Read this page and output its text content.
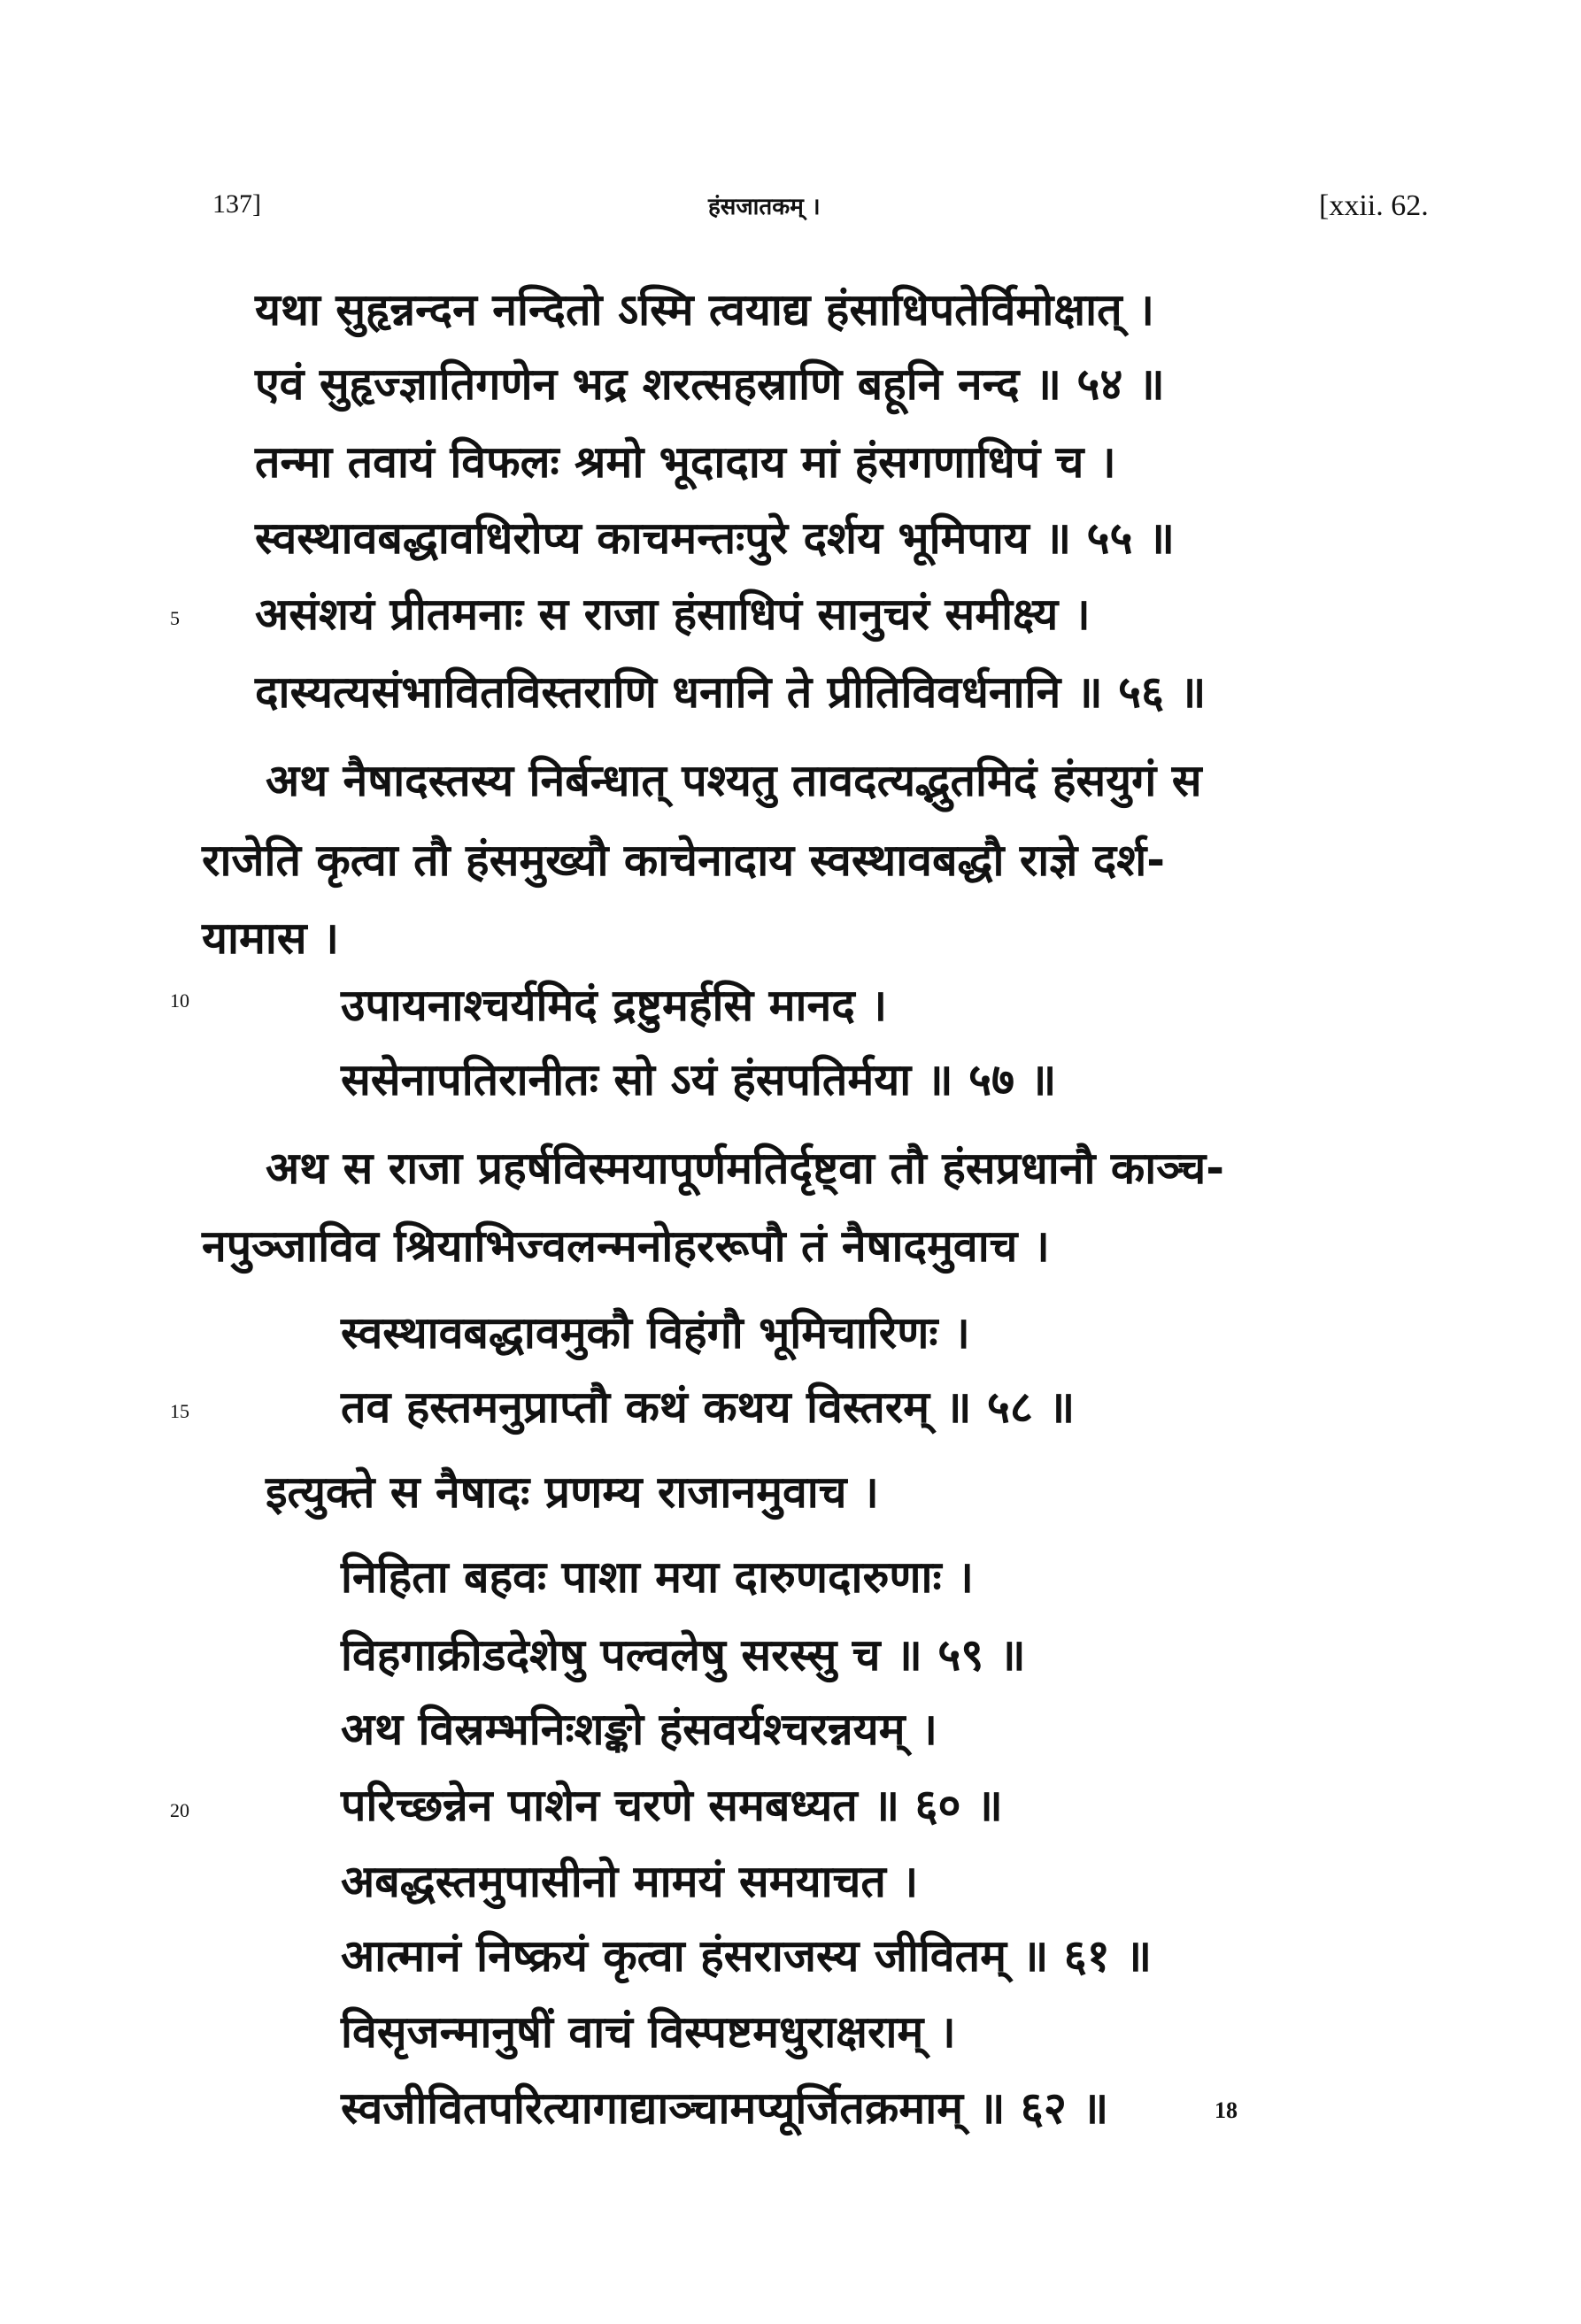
137]	हंसजातकम् ।	[xxii. 62.
5
10
15
20
यथा सुहृन्नन्दन नन्दितो ऽस्मि त्वयाद्य हंसाधिपतेर्विमोक्षात् ।
एवं सुहृज्ज्ञातिगणेन भद्र शरत्सहस्राणि बहूनि नन्द ॥ ५४ ॥
तन्मा तवायं विफलः श्रमो भूदादाय मां हंसगणाधिपं च ।
स्वस्थावबद्धावधिरोप्य काचमन्तःपुरे दर्शय भूमिपाय ॥ ५५ ॥
असंशयं प्रीतमनाः स राजा हंसाधिपं सानुचरं समीक्ष्य ।
दास्यत्यसंभावितविस्तराणि धनानि ते प्रीतिविवर्धनानि ॥ ५६ ॥
अथ नैषादस्तस्य निर्बन्धात् पश्यतु तावदत्यद्भुतमिदं हंसयुगं स
राजेति कृत्वा तौ हंसमुख्यौ काचेनादाय स्वस्थावबद्धौ राज्ञे दर्श-
यामास ।
उपायनाश्चर्यमिदं द्रष्टुमर्हसि मानद ।
ससेनापतिरानीतः सो ऽयं हंसपतिर्मया ॥ ५७ ॥
अथ स राजा प्रहर्षविस्मयापूर्णमतिर्दृष्ट्वा तौ हंसप्रधानौ काञ्च-
नपुञ्जाविव श्रियाभिज्वलन्मनोहररूपौ तं नैषादमुवाच ।
स्वस्थावबद्धावमुकौ विहंगौ भूमिचारिणः ।
तव हस्तमनुप्राप्तौ कथं कथय विस्तरम् ॥ ५८ ॥
इत्युक्ते स नैषादः प्रणम्य राजानमुवाच ।
निहिता बहवः पाशा मया दारुणदारुणाः ।
विहगाक्रीडदेशेषु पल्वलेषु सरस्सु च ॥ ५९ ॥
अथ विस्रम्भनिःशङ्को हंसवर्यश्चरन्नयम् ।
परिच्छन्नेन पाशेन चरणे समबध्यत ॥ ६० ॥
अबद्धस्तमुपासीनो मामयं समयाचत ।
आत्मानं निष्क्रयं कृत्वा हंसराजस्य जीवितम् ॥ ६१ ॥
विसृजन्मानुषीं वाचं विस्पष्टमधुराक्षराम् ।
स्वजीवितपरित्यागाद्याञ्चामप्यूर्जितक्रमाम् ॥ ६२ ॥	18
